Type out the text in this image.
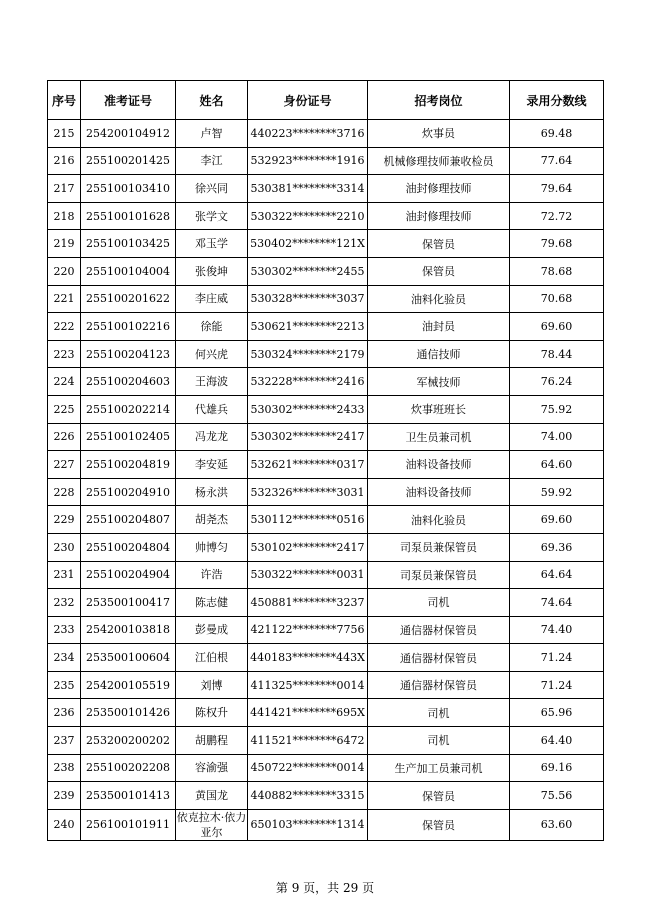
序号	准考证号	姓名	身份证号	招考岗位	录用分数线
215	254200104912	卢智	440223********3716	炊事员	69.48
216	255100201425	李江	532923********1916	机械修理技师兼收检员	77.64
217	255100103410	徐兴同	530381********3314	油封修理技师	79.64
218	255100101628	张学文	530322********2210	油封修理技师	72.72
219	255100103425	邓玉学	530402********121X	保管员	79.68
220	255100104004	张俊坤	530302********2455	保管员	78.68
221	255100201622	李庄威	530328********3037	油料化验员	70.68
222	255100102216	徐能	530621********2213	油封员	69.60
223	255100204123	何兴虎	530324********2179	通信技师	78.44
224	255100204603	王海波	532228********2416	军械技师	76.24
225	255100202214	代雄兵	530302********2433	炊事班班长	75.92
226	255100102405	冯龙龙	530302********2417	卫生员兼司机	74.00
227	255100204819	李安延	532621********0317	油料设备技师	64.60
228	255100204910	杨永洪	532326********3031	油料设备技师	59.92
229	255100204807	胡尧杰	530112********0516	油料化验员	69.60
230	255100204804	帅博匀	530102********2417	司泵员兼保管员	69.36
231	255100204904	许浩	530322********0031	司泵员兼保管员	64.64
232	253500100417	陈志健	450881********3237	司机	74.64
233	254200103818	彭曼成	421122********7756	通信器材保管员	74.40
234	253500100604	江伯根	440183********443X	通信器材保管员	71.24
235	254200105519	刘博	411325********0014	通信器材保管员	71.24
236	253500101426	陈权升	441421********695X	司机	65.96
237	253200200202	胡鹏程	411521********6472	司机	64.40
238	255100202208	容渝强	450722********0014	生产加工员兼司机	69.16
239	253500101413	黄国龙	440882********3315	保管员	75.56
240	256100101911	依克拉木·依力亚尔	650103********1314	保管员	63.60
第 9 页，共 29 页
